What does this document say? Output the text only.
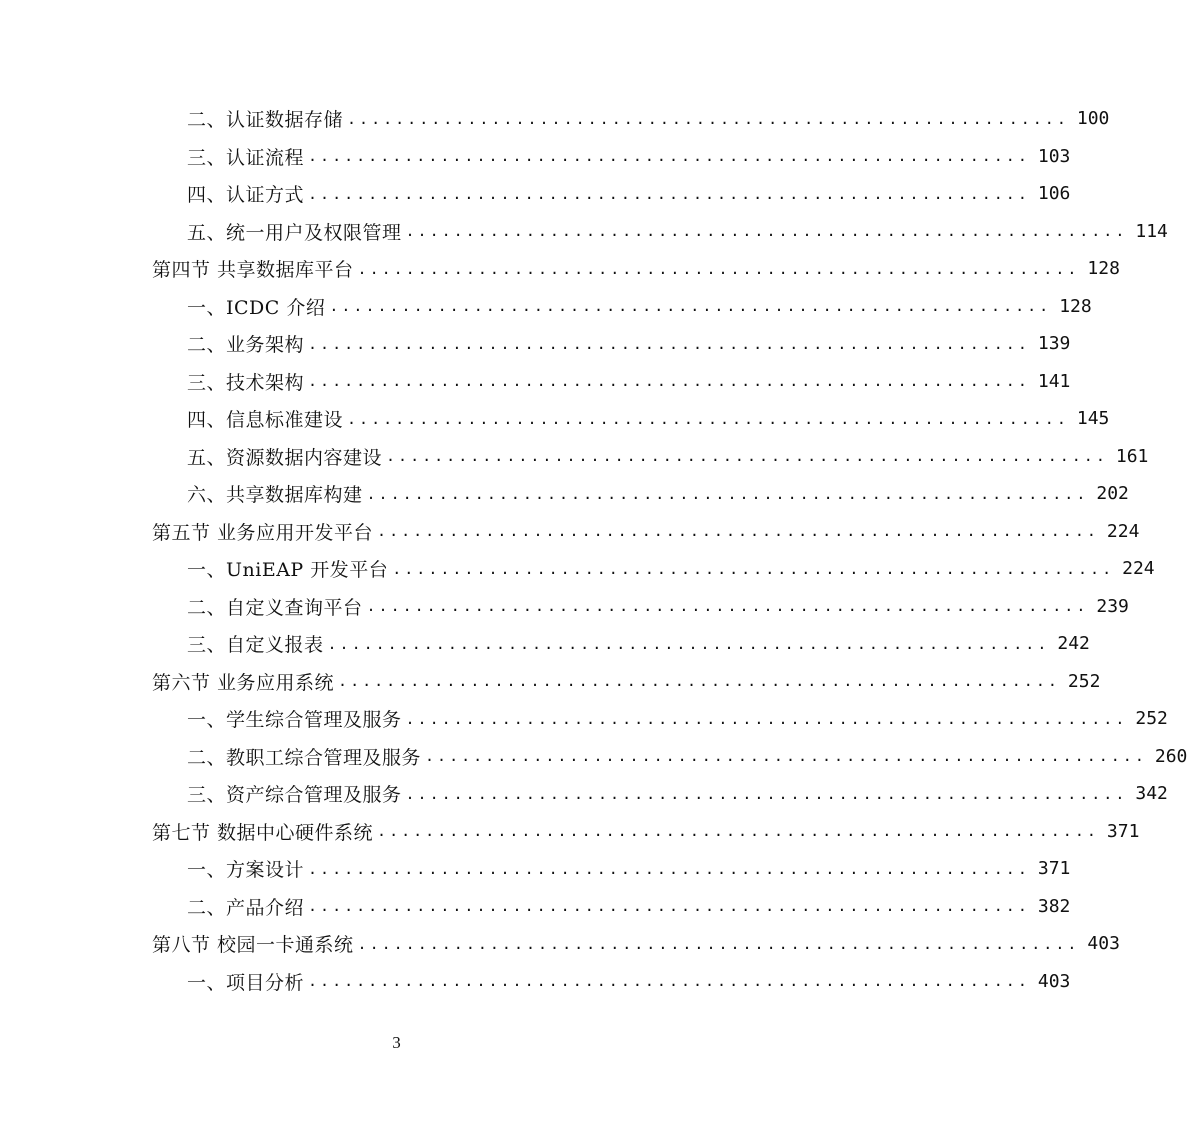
二、认证数据存储 ............................................................ 100
三、认证流程 ............................................................ 103
四、认证方式 ............................................................ 106
五、统一用户及权限管理 ............................................................ 114
第四节 共享数据库平台 ............................................................ 128
一、ICDC 介绍 ............................................................ 128
二、业务架构 ............................................................ 139
三、技术架构 ............................................................ 141
四、信息标准建设 ............................................................ 145
五、资源数据内容建设 ............................................................ 161
六、共享数据库构建 ............................................................ 202
第五节 业务应用开发平台 ............................................................ 224
一、UniEAP 开发平台 ............................................................ 224
二、自定义查询平台 ............................................................ 239
三、自定义报表 ............................................................ 242
第六节 业务应用系统 ............................................................ 252
一、学生综合管理及服务 ............................................................ 252
二、教职工综合管理及服务 ............................................................ 260
三、资产综合管理及服务 ............................................................ 342
第七节 数据中心硬件系统 ............................................................ 371
一、方案设计 ............................................................ 371
二、产品介绍 ............................................................ 382
第八节 校园一卡通系统 ............................................................ 403
一、项目分析 ............................................................ 403
3
